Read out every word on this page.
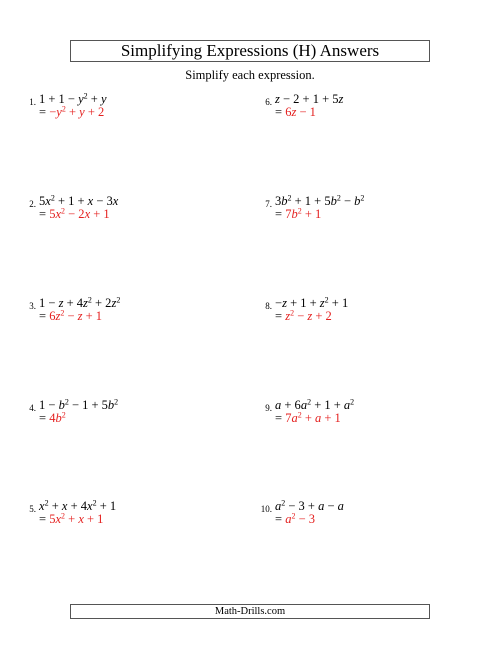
Simplifying Expressions (H) Answers
Simplify each expression.
1. $1 + 1 - y^2 + y$
= $-y^2 + y + 2$
2. $5x^2 + 1 + x - 3x$
= $5x^2 - 2x + 1$
3. $1 - z + 4z^2 + 2z^2$
= $6z^2 - z + 1$
4. $1 - b^2 - 1 + 5b^2$
= $4b^2$
5. $x^2 + x + 4x^2 + 1$
= $5x^2 + x + 1$
6. z − 2 + 1 + 5z
= 6z − 1
7. $3b^2 + 1 + 5b^2 - b^2$
= $7b^2 + 1$
8. $-z + 1 + z^2 + 1$
= $z^2 - z + 2$
9. $a + 6a^2 + 1 + a^2$
= $7a^2 + a + 1$
10. $a^2 - 3 + a - a$
= $a^2 - 3$
Math-Drills.com
